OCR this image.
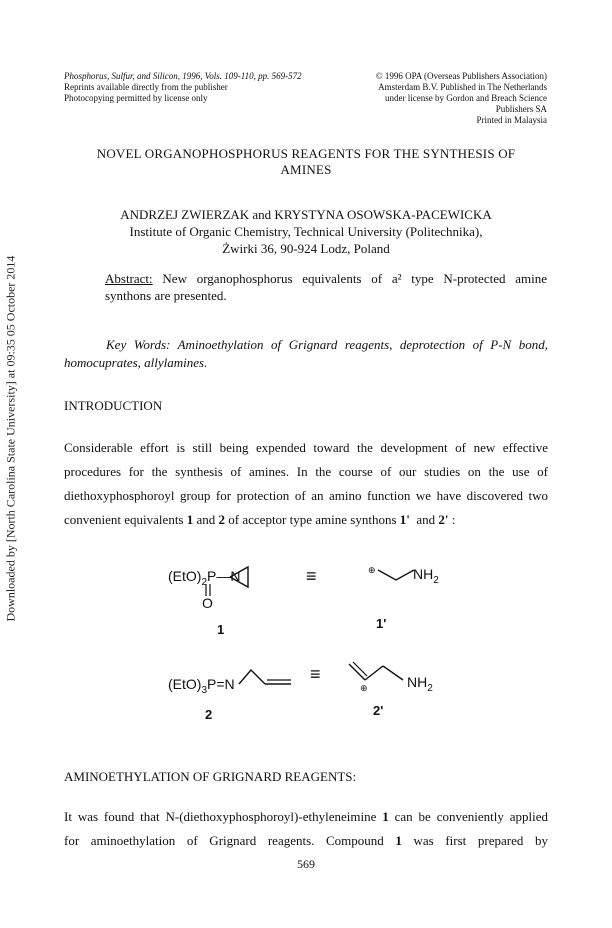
Phosphorus, Sulfur, and Silicon, 1996, Vols. 109-110, pp. 569-572
Reprints available directly from the publisher
Photocopying permitted by license only
© 1996 OPA (Overseas Publishers Association)
Amsterdam B.V. Published in The Netherlands
under license by Gordon and Breach Science
Publishers SA
Printed in Malaysia
Downloaded by [North Carolina State University] at 09:35 05 October 2014
NOVEL ORGANOPHOSPHORUS REAGENTS FOR THE SYNTHESIS OF
AMINES
ANDRZEJ ZWIERZAK and KRYSTYNA OSOWSKA-PACEWICKA
Institute of Organic Chemistry, Technical University (Politechnika),
Żwirki 36, 90-924 Lodz, Poland
Abstract: New organophosphorus equivalents of a² type N-protected amine
synthons are presented.
Key Words: Aminoethylation of Grignard reagents, deprotection of P-N bond,
homocuprates, allylamines.
INTRODUCTION
Considerable effort is still being expended toward the development of new effective
procedures for the synthesis of amines. In the course of our studies on the use of
diethoxyphosphoroyl group for protection of an amino function we have discovered two
convenient equivalents 1 and 2 of acceptor type amine synthons 1'  and 2' :
$(EtO)_2P—N$
O
1
≡	⊕	$NH_2$
1'
$(EtO)_3P=N$
2
≡
⊕	$NH_2$
2'
AMINOETHYLATION OF GRIGNARD REAGENTS:
It was found that N-(diethoxyphosphoroyl)-ethyleneimine 1 can be conveniently applied
for aminoethylation of Grignard reagents. Compound 1 was first prepared by
569
